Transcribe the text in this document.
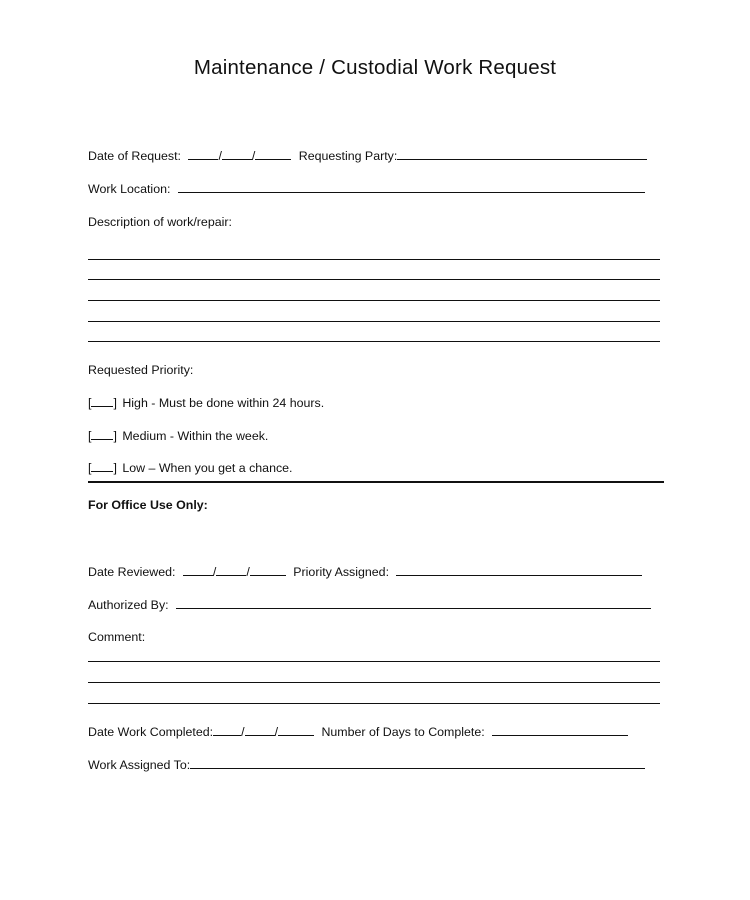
Maintenance / Custodial Work Request
Date of Request:	/ /	Requesting Party:
Work Location:
Description of work/repair:
Requested Priority:
[ ] High - Must be done within 24 hours.
[ ] Medium - Within the week.
[ ] Low – When you get a chance.
For Office Use Only:
Date Reviewed:	/ /	Priority Assigned:
Authorized By:
Comment:
Date Work Completed: / /	Number of Days to Complete:
Work Assigned To:
